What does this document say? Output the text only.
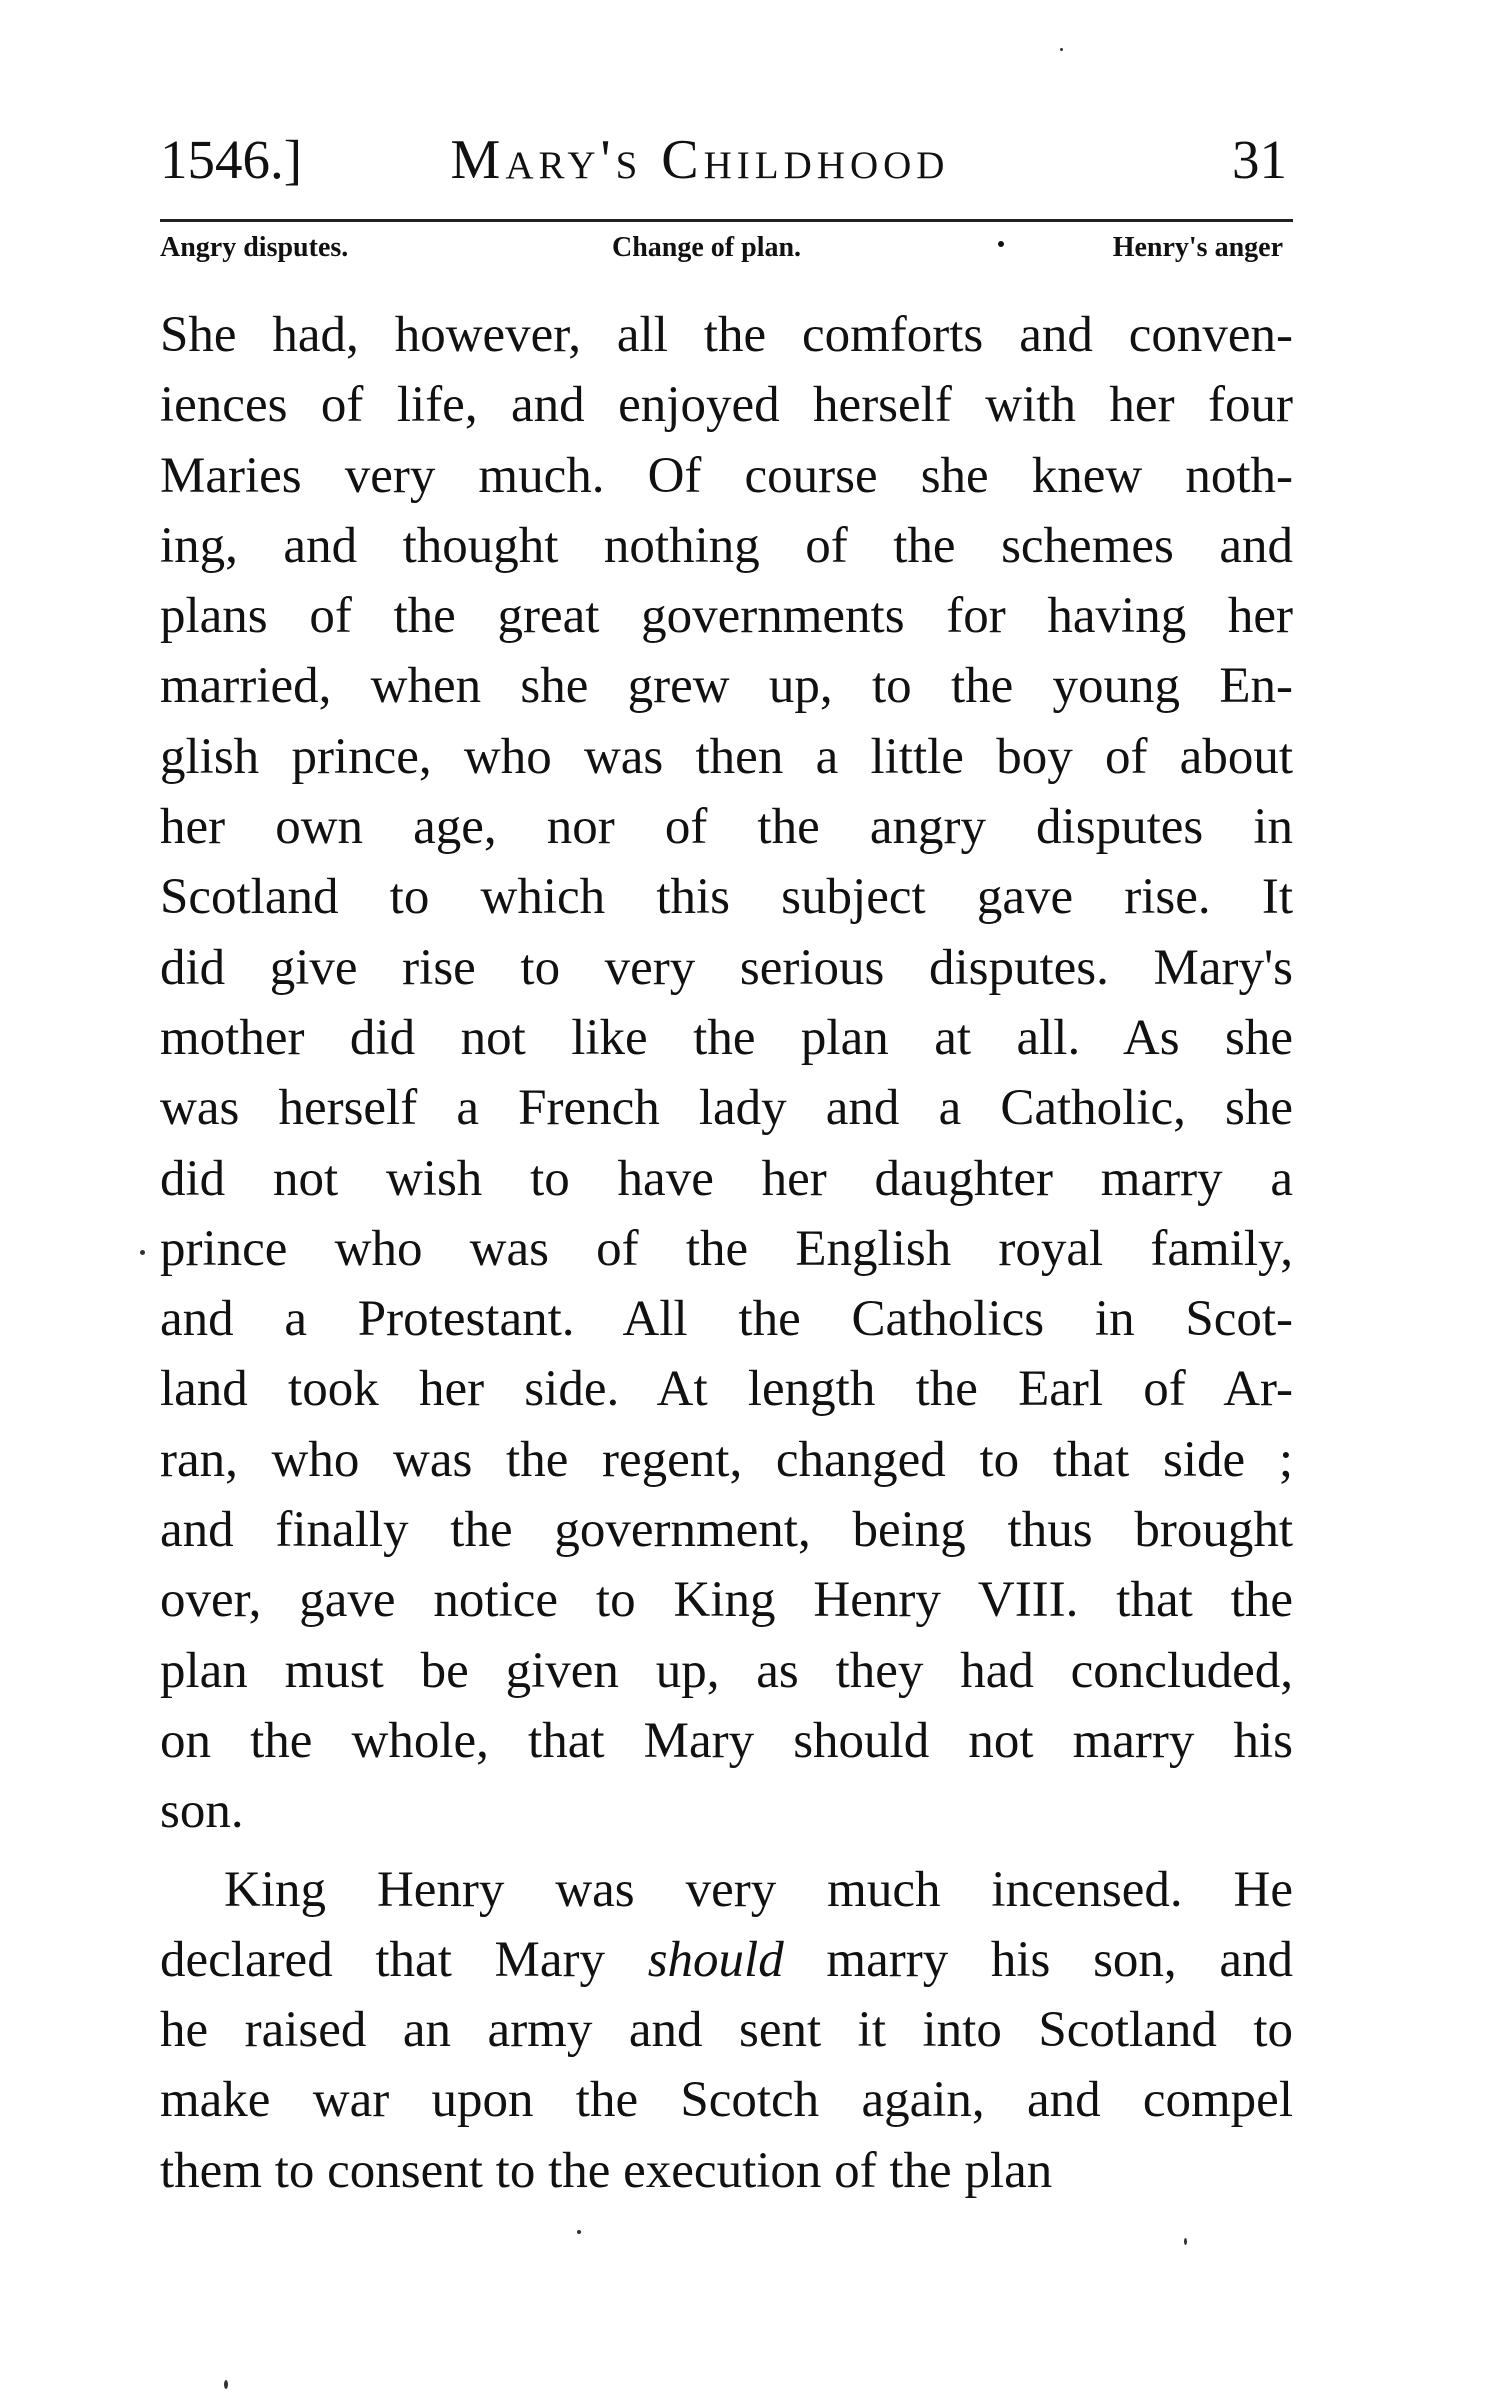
1546.]	Mary's Childhood	31
Angry disputes.	Change of plan.	Henry's anger
She had, however, all the comforts and conven-
iences of life, and enjoyed herself with her four
Maries very much. Of course she knew noth-
ing, and thought nothing of the schemes and
plans of the great governments for having her
married, when she grew up, to the young En-
glish prince, who was then a little boy of about
her own age, nor of the angry disputes in
Scotland to which this subject gave rise. It
did give rise to very serious disputes. Mary's
mother did not like the plan at all. As she
was herself a French lady and a Catholic, she
did not wish to have her daughter marry a
prince who was of the English royal family,
and a Protestant. All the Catholics in Scot-
land took her side. At length the Earl of Ar-
ran, who was the regent, changed to that side ;
and finally the government, being thus brought
over, gave notice to King Henry VIII. that the
plan must be given up, as they had concluded,
on the whole, that Mary should not marry his
son.
King Henry was very much incensed. He
declared that Mary should marry his son, and
he raised an army and sent it into Scotland to
make war upon the Scotch again, and compel
them to consent to the execution of the plan
